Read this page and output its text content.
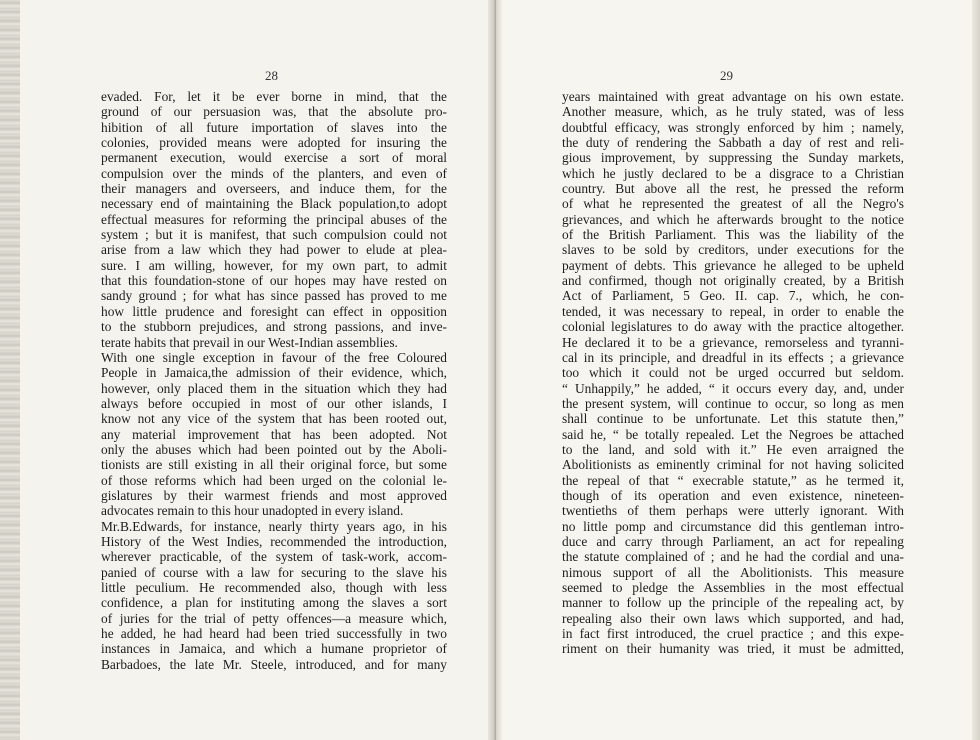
28
evaded. For, let it be ever borne in mind, that the
ground of our persuasion was, that the absolute pro-
hibition of all future importation of slaves into the
colonies, provided means were adopted for insuring the
permanent execution, would exercise a sort of moral
compulsion over the minds of the planters, and even of
their managers and overseers, and induce them, for the
necessary end of maintaining the Black population,to adopt
effectual measures for reforming the principal abuses of the
system ; but it is manifest, that such compulsion could not
arise from a law which they had power to elude at plea-
sure. I am willing, however, for my own part, to admit
that this foundation-stone of our hopes may have rested on
sandy ground ; for what has since passed has proved to me
how little prudence and foresight can effect in opposition
to the stubborn prejudices, and strong passions, and inve-
terate habits that prevail in our West-Indian assemblies.
With one single exception in favour of the free Coloured
People in Jamaica,the admission of their evidence, which,
however, only placed them in the situation which they had
always before occupied in most of our other islands, I
know not any vice of the system that has been rooted out,
any material improvement that has been adopted. Not
only the abuses which had been pointed out by the Aboli-
tionists are still existing in all their original force, but some
of those reforms which had been urged on the colonial le-
gislatures by their warmest friends and most approved
advocates remain to this hour unadopted in every island.
Mr.B.Edwards, for instance, nearly thirty years ago, in his
History of the West Indies, recommended the introduction,
wherever practicable, of the system of task-work, accom-
panied of course with a law for securing to the slave his
little peculium. He recommended also, though with less
confidence, a plan for instituting among the slaves a sort
of juries for the trial of petty offences—a measure which,
he added, he had heard had been tried successfully in two
instances in Jamaica, and which a humane proprietor of
Barbadoes, the late Mr. Steele, introduced, and for many
29
years maintained with great advantage on his own estate.
Another measure, which, as he truly stated, was of less
doubtful efficacy, was strongly enforced by him ; namely,
the duty of rendering the Sabbath a day of rest and reli-
gious improvement, by suppressing the Sunday markets,
which he justly declared to be a disgrace to a Christian
country. But above all the rest, he pressed the reform
of what he represented the greatest of all the Negro's
grievances, and which he afterwards brought to the notice
of the British Parliament. This was the liability of the
slaves to be sold by creditors, under executions for the
payment of debts. This grievance he alleged to be upheld
and confirmed, though not originally created, by a British
Act of Parliament, 5 Geo. II. cap. 7., which, he con-
tended, it was necessary to repeal, in order to enable the
colonial legislatures to do away with the practice altogether.
He declared it to be a grievance, remorseless and tyranni-
cal in its principle, and dreadful in its effects ; a grievance
too which it could not be urged occurred but seldom.
“ Unhappily,” he added, “ it occurs every day, and, under
the present system, will continue to occur, so long as men
shall continue to be unfortunate. Let this statute then,”
said he, “ be totally repealed. Let the Negroes be attached
to the land, and sold with it.” He even arraigned the
Abolitionists as eminently criminal for not having solicited
the repeal of that “ execrable statute,” as he termed it,
though of its operation and even existence, nineteen-
twentieths of them perhaps were utterly ignorant. With
no little pomp and circumstance did this gentleman intro-
duce and carry through Parliament, an act for repealing
the statute complained of ; and he had the cordial and una-
nimous support of all the Abolitionists. This measure
seemed to pledge the Assemblies in the most effectual
manner to follow up the principle of the repealing act, by
repealing also their own laws which supported, and had,
in fact first introduced, the cruel practice ; and this expe-
riment on their humanity was tried, it must be admitted,
